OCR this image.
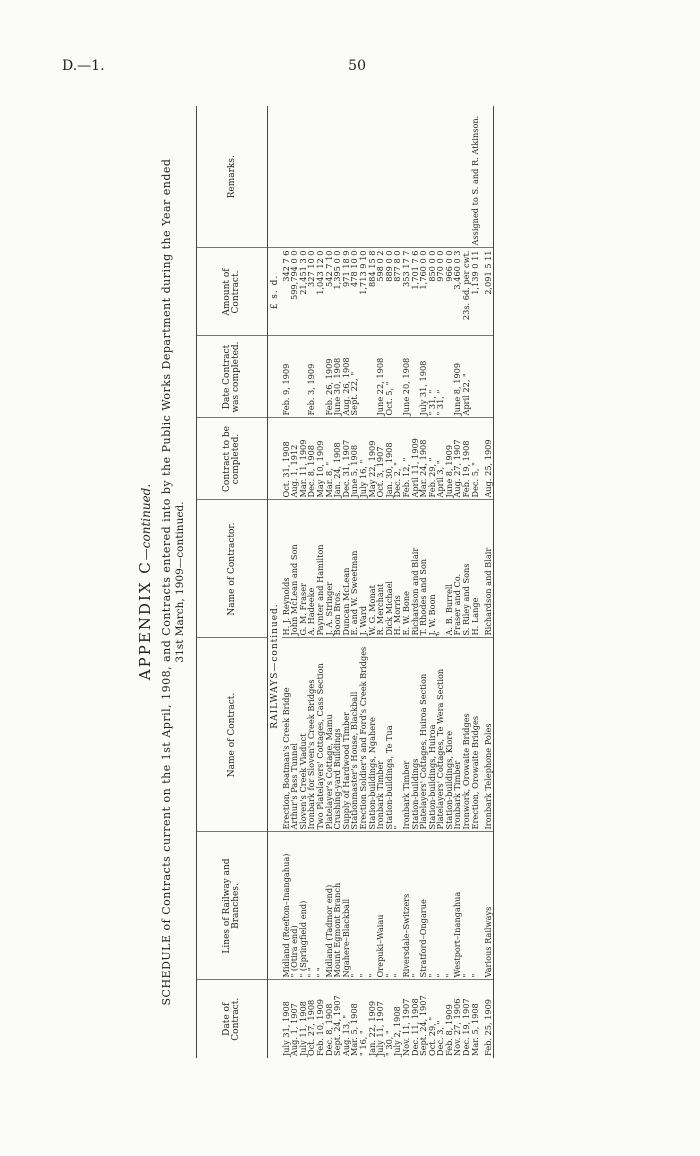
D.—1.	50
APPENDIX C—continued. SCHEDULE of Contracts current on the 1st April, 1908, and Contracts entered into by the Public Works Department during the Year ended 31st March, 1909—continued.
Date of Contract.	Lines of Railway and Branches.	Name of Contract.	Name of Contractor.	Contract to be completed.	Date Contract was completed.	Amount of Contract.	Remarks.
		RAILWAYS—continued.				£ s. d.	
July 31, 1908	Midland (Reefton–Inangahua)	Erection, Boatman's Creek Bridge	H. J. Reynolds	Oct. 31, 1908	Feb. 9, 1909	342 7 6	
Aug. 1, 1907	" (Otira end)	Arthur's Pass Tunnel	John McLean and Son	Aug. 1, 1912		599,794 0 0	
July 11, 1908	" (Springfield end)	Sloven's Creek Viaduct	G. M. Fraser	Mar. 11, 1909		21,451 3 0	
Oct. 27, 1908	" "	Ironbark for Sloven's Creek Bridges	A. Hadeeke	Dec. 8, 1908	Feb. 3, 1909	327 10 0	
Feb. 10, 1909	" "	Two Platelayers' Cottages, Cass Section	Paynter and Hamilton	May 10, 1909		1,043 12 0	
Dec. 8, 1908	Midland (Tadmor end)	Platelayer's Cottage, Mamu	J. A. Stringer	Mar. 8, "	Feb. 26, 1909	542 7 10	
Sept. 24, 1907	Mount Egmont Branch	Crushing-yard Buildings	Boon Bros.	Jan. 24, 1908	June 30, 1908	1,395 0 0	
Aug. 13, "	Ngahere–Blackball	Supply of Hardwood Timber	Duncan McLean	Dec. 31, 1907	Aug. 26, 1908	971 18 9	
Mar. 5, 1908	"	Stationmaster's House, Blackball	E. and W. Sweetman	June 5, 1908	Sept. 22, "	478 10 0	
" 16, "	"	Erection Soldier's and Ford's Creek Bridges	J. Ward	July 16, "		1,713 9 10	
Jan. 22, 1909	"	Station-buildings, Ngahere	W. G. Monat	May 22, 1909		884 15 8	
July 11, 1907	Orepuki–Waiau	Ironbark Timber	R. Merchant	Oct. 3, 1907	June 22, 1908	598 0 2	
" 30, "	"	Station-buildings, Te Tua	Dick Michael	Jan. 30, 1908	Oct. 5, "	889 0 0	
July 2, 1908	"	"	H. Morris	Dec. 2, "		877 8 0	
Nov. 11, 1907	Riversdale–Switzers	Ironbark Timber	E. W. Bone	Feb. 12, "	June 20, 1908	353 17 7	
Dec. 11, 1908	"	Station-buildings	Richardson and Blair	April 11, 1909		1,701 7 6	
Sept. 24, 1907	Stratford–Ongarue	Platelayers' Cottages, Huiroa Section	T. Rhodes and Son	Mar. 24, 1908	July 31, 1908	1,760 0 0	
Oct. 29, "	"	Station-buildings, Huiroa	J. W. Boon	Feb. 29, "	" 31, "	850 0 0	
Dec. 3, "	"	Platelayers' Cottages, Te Wera Section	"	April 3, "	" 31, "	970 0 0	
Feb. 8, 1909	"	Station-buildings, Kiore	A. B. Burrell	June 8, 1909		966 0 0	
Nov. 27, 1906	Westport–Inangahua	Ironbark Timber	Fraser and Co.	Aug. 27, 1907	June 8, 1909	3,460 0 3	
Dec. 19, 1907	"	Ironwork, Orowaite Bridges	S. Riley and Sons	Feb. 19, 1908	April 22, "	23s. 6d. per cwt.	
Mar. 5, 1908	"	Erection, Orowaite Bridges	H. Lange	Dec. 5, "		1,139 0 11	Assigned to S. and R. Atkinson.

Feb. 25, 1909	Various Railways	Ironbark Telephone Poles	Richardson and Blair	Aug. 25, 1909		2,091 5 11	
